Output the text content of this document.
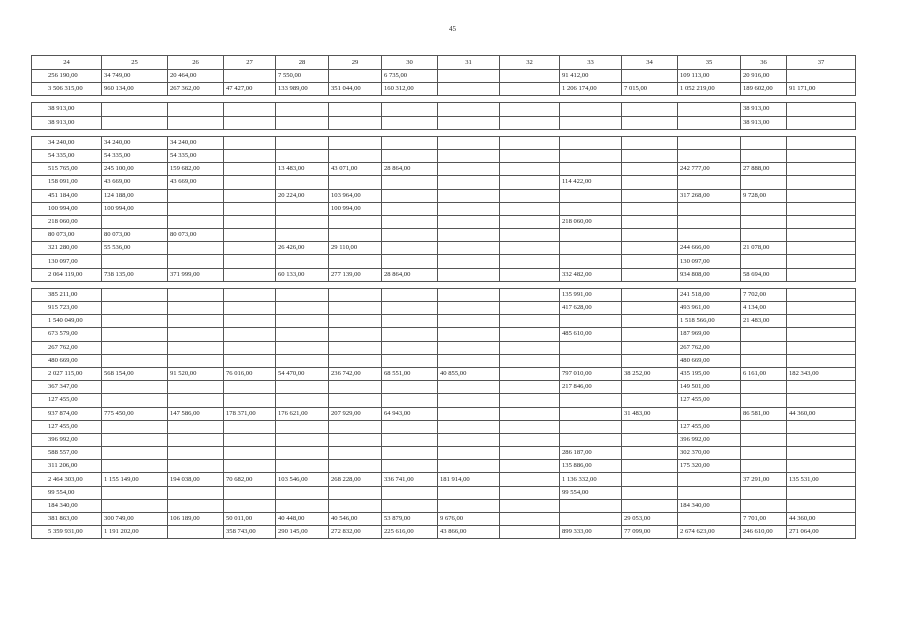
45
24	25	26	27	28	29	30	31	32	33	34	35	36	37
256 190,00	34 749,00	20 464,00		7 550,00		6 735,00			91 412,00		109 113,00	20 916,00	
3 506 315,00	960 134,00	267 362,00	47 427,00	133 989,00	351 044,00	160 312,00			1 206 174,00	7 015,00	1 052 219,00	189 602,00	91 171,00

38 913,00												38 913,00	
38 913,00												38 913,00	

34 240,00	34 240,00	34 240,00											
54 335,00	54 335,00	54 335,00											
515 765,00	245 100,00	159 682,00		13 483,00	43 071,00	28 864,00					242 777,00	27 888,00	
158 091,00	43 669,00	43 669,00							114 422,00				
451 184,00	124 188,00			20 224,00	103 964,00						317 268,00	9 728,00	
100 994,00	100 994,00				100 994,00								
218 060,00									218 060,00				
80 073,00	80 073,00	80 073,00											
321 280,00	55 536,00			26 426,00	29 110,00						244 666,00	21 078,00	
130 097,00											130 097,00		
2 064 119,00	738 135,00	371 999,00		60 133,00	277 139,00	28 864,00			332 482,00		934 808,00	58 694,00	

385 211,00									135 991,00		241 518,00	7 702,00	
915 723,00									417 628,00		493 961,00	4 134,00	
1 540 049,00											1 518 566,00	21 483,00	
673 579,00									485 610,00		187 969,00		
267 762,00											267 762,00		
480 669,00											480 669,00		
2 027 115,00	568 154,00	91 520,00	76 016,00	54 470,00	236 742,00	68 551,00	40 855,00		797 010,00	38 252,00	435 195,00	6 161,00	182 343,00
367 347,00									217 846,00		149 501,00		
127 455,00											127 455,00		
937 874,00	775 450,00	147 586,00	178 371,00	176 621,00	207 929,00	64 943,00				31 483,00		86 581,00	44 360,00
127 455,00											127 455,00		
396 992,00											396 992,00		
588 557,00									286 187,00		302 370,00		
311 206,00									135 886,00		175 320,00		
2 464 303,00	1 155 149,00	194 038,00	70 682,00	103 546,00	268 228,00	336 741,00	181 914,00		1 136 332,00			37 291,00	135 531,00
99 554,00									99 554,00				
184 340,00											184 340,00		
381 863,00	300 749,00	106 189,00	50 011,00	40 448,00	40 546,00	53 879,00	9 676,00			29 053,00		7 701,00	44 360,00
5 359 931,00	1 191 202,00		358 743,00	290 145,00	272 832,00	225 616,00	43 866,00		899 333,00	77 099,00	2 674 623,00	246 610,00	271 064,00
